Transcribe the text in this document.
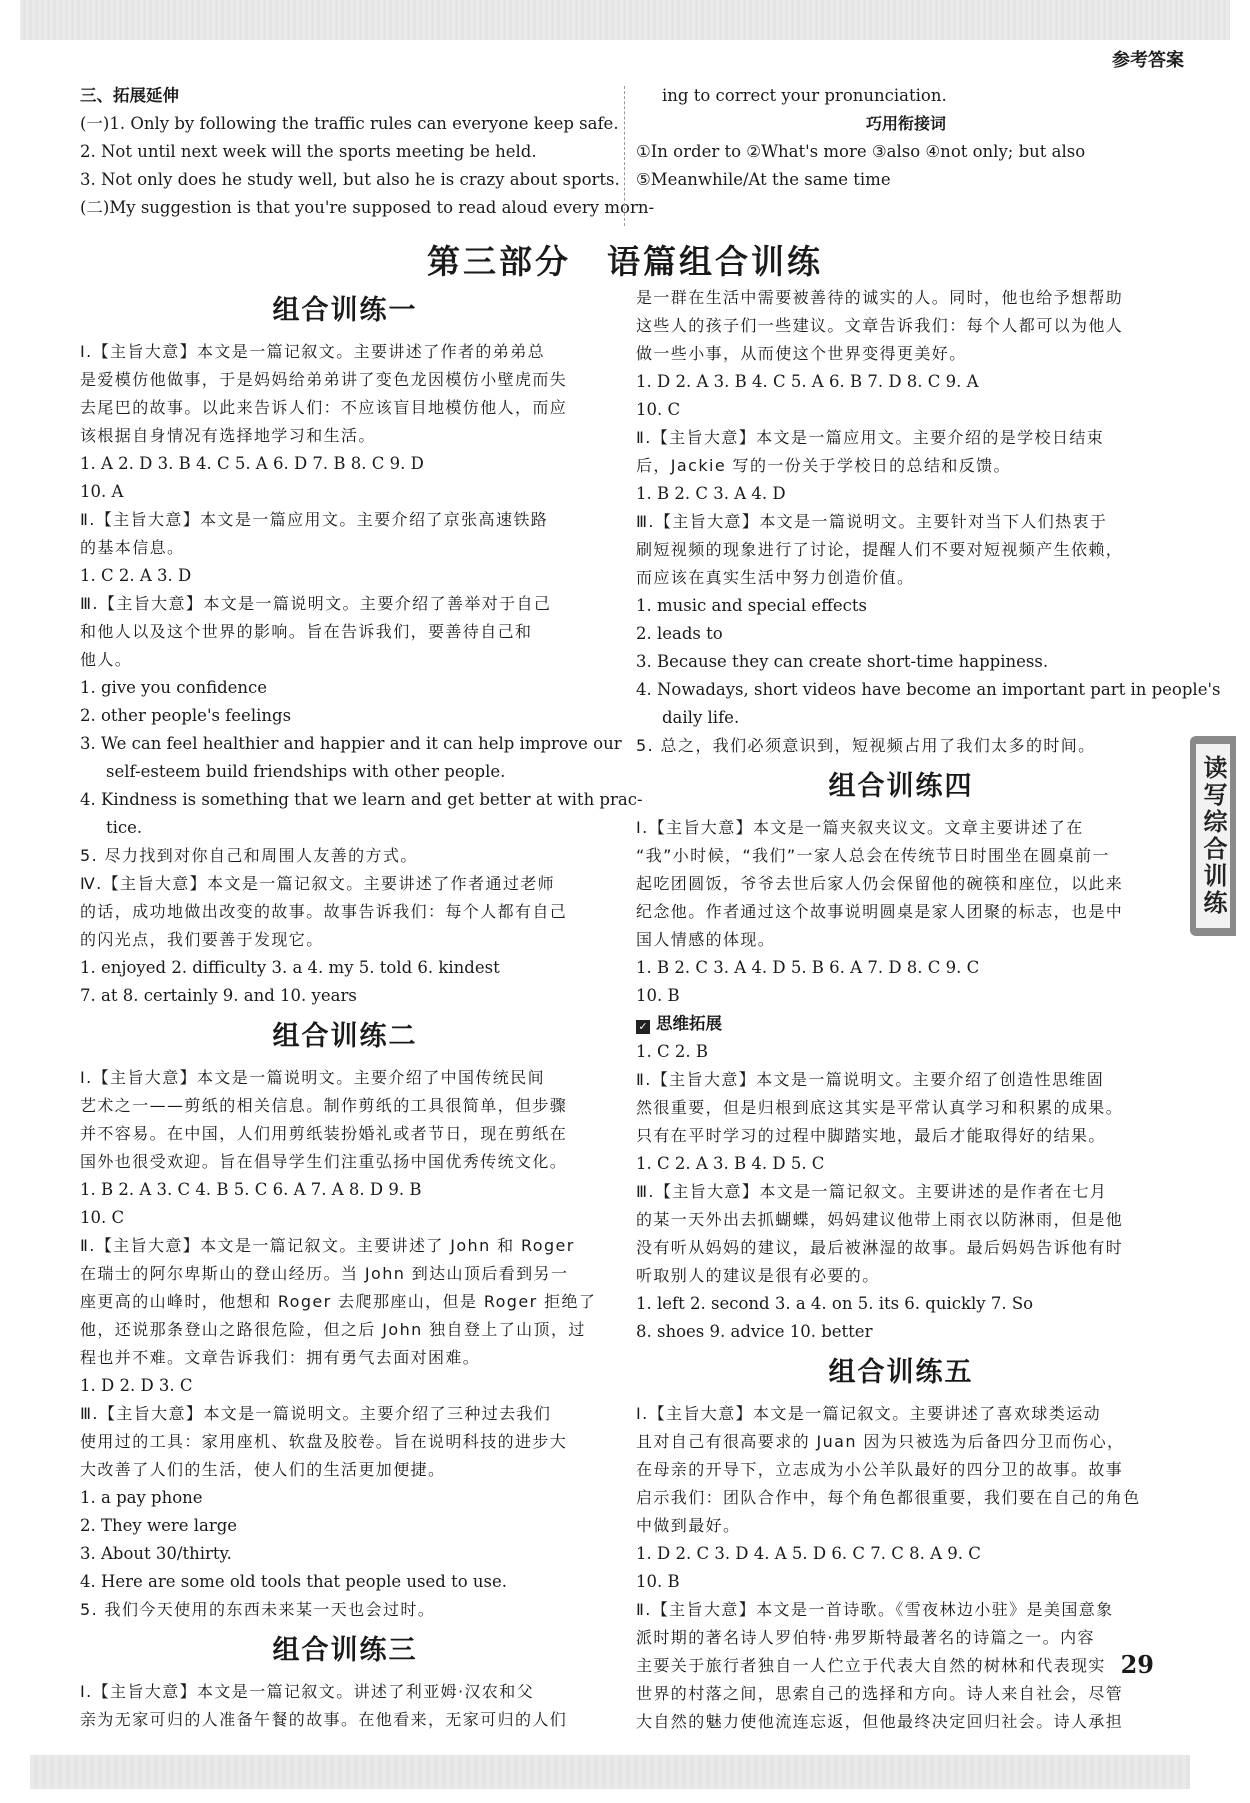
参考答案
三、拓展延伸
(一)1. Only by following the traffic rules can everyone keep safe.
2. Not until next week will the sports meeting be held.
3. Not only does he study well, but also he is crazy about sports.
(二)My suggestion is that you're supposed to read aloud every morn-
ing to correct your pronunciation.
巧用衔接词
①In order to ②What's more ③also ④not only; but also
⑤Meanwhile/At the same time
第三部分　语篇组合训练
组合训练一
Ⅰ.【主旨大意】本文是一篇记叙文。主要讲述了作者的弟弟总
是爱模仿他做事，于是妈妈给弟弟讲了变色龙因模仿小壁虎而失
去尾巴的故事。以此来告诉人们：不应该盲目地模仿他人，而应
该根据自身情况有选择地学习和生活。
1. A 2. D 3. B 4. C 5. A 6. D 7. B 8. C 9. D
10. A
Ⅱ.【主旨大意】本文是一篇应用文。主要介绍了京张高速铁路
的基本信息。
1. C 2. A 3. D
Ⅲ.【主旨大意】本文是一篇说明文。主要介绍了善举对于自己
和他人以及这个世界的影响。旨在告诉我们，要善待自己和
他人。
1. give you confidence
2. other people's feelings
3. We can feel healthier and happier and it can help improve our
self-esteem build friendships with other people.
4. Kindness is something that we learn and get better at with prac-
tice.
5. 尽力找到对你自己和周围人友善的方式。
Ⅳ.【主旨大意】本文是一篇记叙文。主要讲述了作者通过老师
的话，成功地做出改变的故事。故事告诉我们：每个人都有自己
的闪光点，我们要善于发现它。
1. enjoyed 2. difficulty 3. a 4. my 5. told 6. kindest
7. at 8. certainly 9. and 10. years
组合训练二
Ⅰ.【主旨大意】本文是一篇说明文。主要介绍了中国传统民间
艺术之一——剪纸的相关信息。制作剪纸的工具很简单，但步骤
并不容易。在中国，人们用剪纸装扮婚礼或者节日，现在剪纸在
国外也很受欢迎。旨在倡导学生们注重弘扬中国优秀传统文化。
1. B 2. A 3. C 4. B 5. C 6. A 7. A 8. D 9. B
10. C
Ⅱ.【主旨大意】本文是一篇记叙文。主要讲述了 John 和 Roger
在瑞士的阿尔卑斯山的登山经历。当 John 到达山顶后看到另一
座更高的山峰时，他想和 Roger 去爬那座山，但是 Roger 拒绝了
他，还说那条登山之路很危险，但之后 John 独自登上了山顶，过
程也并不难。文章告诉我们：拥有勇气去面对困难。
1. D 2. D 3. C
Ⅲ.【主旨大意】本文是一篇说明文。主要介绍了三种过去我们
使用过的工具：家用座机、软盘及胶卷。旨在说明科技的进步大
大改善了人们的生活，使人们的生活更加便捷。
1. a pay phone
2. They were large
3. About 30/thirty.
4. Here are some old tools that people used to use.
5. 我们今天使用的东西未来某一天也会过时。
组合训练三
Ⅰ.【主旨大意】本文是一篇记叙文。讲述了利亚姆·汉农和父
亲为无家可归的人准备午餐的故事。在他看来，无家可归的人们
是一群在生活中需要被善待的诚实的人。同时，他也给予想帮助
这些人的孩子们一些建议。文章告诉我们：每个人都可以为他人
做一些小事，从而使这个世界变得更美好。
1. D 2. A 3. B 4. C 5. A 6. B 7. D 8. C 9. A
10. C
Ⅱ.【主旨大意】本文是一篇应用文。主要介绍的是学校日结束
后，Jackie 写的一份关于学校日的总结和反馈。
1. B 2. C 3. A 4. D
Ⅲ.【主旨大意】本文是一篇说明文。主要针对当下人们热衷于
刷短视频的现象进行了讨论，提醒人们不要对短视频产生依赖，
而应该在真实生活中努力创造价值。
1. music and special effects
2. leads to
3. Because they can create short-time happiness.
4. Nowadays, short videos have become an important part in people's
daily life.
5. 总之，我们必须意识到，短视频占用了我们太多的时间。
组合训练四
Ⅰ.【主旨大意】本文是一篇夹叙夹议文。文章主要讲述了在
“我”小时候，“我们”一家人总会在传统节日时围坐在圆桌前一
起吃团圆饭，爷爷去世后家人仍会保留他的碗筷和座位，以此来
纪念他。作者通过这个故事说明圆桌是家人团聚的标志，也是中
国人情感的体现。
1. B 2. C 3. A 4. D 5. B 6. A 7. D 8. C 9. C
10. B
✓ 思维拓展
1. C 2. B
Ⅱ.【主旨大意】本文是一篇说明文。主要介绍了创造性思维固
然很重要，但是归根到底这其实是平常认真学习和积累的成果。
只有在平时学习的过程中脚踏实地，最后才能取得好的结果。
1. C 2. A 3. B 4. D 5. C
Ⅲ.【主旨大意】本文是一篇记叙文。主要讲述的是作者在七月
的某一天外出去抓蝴蝶，妈妈建议他带上雨衣以防淋雨，但是他
没有听从妈妈的建议，最后被淋湿的故事。最后妈妈告诉他有时
听取别人的建议是很有必要的。
1. left 2. second 3. a 4. on 5. its 6. quickly 7. So
8. shoes 9. advice 10. better
组合训练五
Ⅰ.【主旨大意】本文是一篇记叙文。主要讲述了喜欢球类运动
且对自己有很高要求的 Juan 因为只被选为后备四分卫而伤心，
在母亲的开导下，立志成为小公羊队最好的四分卫的故事。故事
启示我们：团队合作中，每个角色都很重要，我们要在自己的角色
中做到最好。
1. D 2. C 3. D 4. A 5. D 6. C 7. C 8. A 9. C
10. B
Ⅱ.【主旨大意】本文是一首诗歌。《雪夜林边小驻》是美国意象
派时期的著名诗人罗伯特·弗罗斯特最著名的诗篇之一。内容
主要关于旅行者独自一人伫立于代表大自然的树林和代表现实
世界的村落之间，思索自己的选择和方向。诗人来自社会，尽管
大自然的魅力使他流连忘返，但他最终决定回归社会。诗人承担
读写综合训练
29
